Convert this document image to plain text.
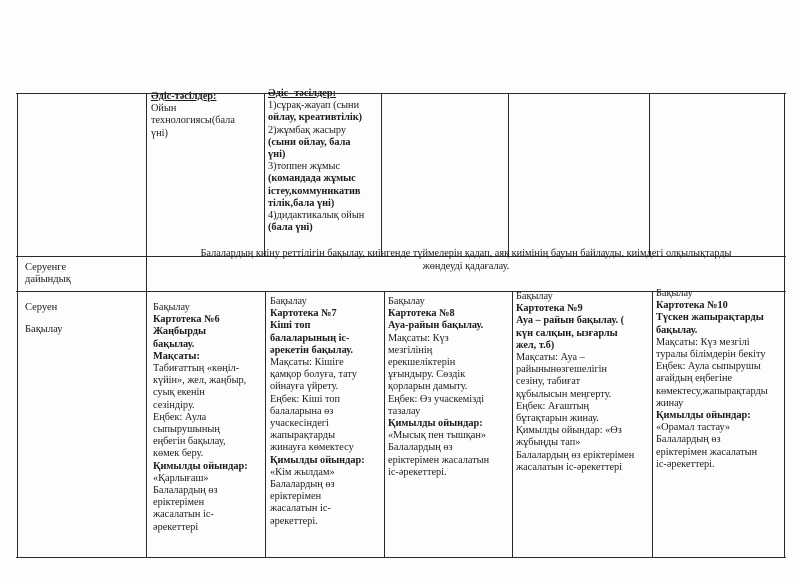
Әдіс-тәсілдер:

Ойын

технологиясы(бала

үні)

Әдіс- тәсілдер:

1)сұрақ-жауап (сыни

ойлау, креативтілік)

2)жұмбақ жасыру

(сыни ойлау, бала

үні)

3)топпен жұмыс

(командада жұмыс

істеу,коммуникатив

тілік,бала үні)

4)дидактикалық ойын

(бала үні)

Серуенге

дайындық

Балалардың киіну реттілігін бақылау, киінгенде түймелерін қадап, аяқ киімінің бауын байлауды, киімдегі олқылықтарды

жөндеуді қадағалау.

Серуен

Бақылау

Бақылау

Картотека №6

Жаңбырды

бақылау.

Мақсаты:

Табиғаттың «көңіл-

күйін», жел, жаңбыр,

суық екенін

сезіндіру.

Еңбек: Аула

сыпырушының

еңбегін бақылау,

көмек беру.

Қимылды ойындар:

«Қарлығаш»

Балалардың өз

еріктерімен

жасалатын іс-

әрекеттері

Бақылау

Картотека №7

Кіші топ

балаларының іс-

әрекетін бақылау.

Мақсаты: Кішіге

қамқор болуға, тату

ойнауға үйрету.

Еңбек: Кіші топ

балаларына өз

учаскесіндегі

жапырақтарды

жинауға көмектесу

Қимылды ойындар:

«Кім жылдам»

Балалардың өз

еріктерімен

жасалатын іс-

әрекеттері.

Бақылау

Картотека №8

Ауа-райын бақылау.

Мақсаты: Күз

мезгілінің

ерекшеліктерін

ұғындыру. Сөздік

қорларын дамыту.

Еңбек: Өз учаскемізді

тазалау

Қимылды ойындар:

«Мысық пен тышқан»

Балалардың өз

еріктерімен жасалатын

іс-әрекеттері.

Бақылау

Картотека №9

Ауа – райын бақылау. (

күн салқын, ызғарлы

жел, т.б)

Мақсаты: Ауа –

райынынөзгешелігін

сезіну, табиғат

құбылысын меңгерту.

Еңбек: Ағаштың

бұтақтарын жинау.

Қимылды ойындар: «Өз

жұбыңды тап»

Балалардың өз еріктерімен

жасалатын іс-әрекеттері

Бақылау

Картотека №10

Түскен жапырақтарды

бақылау.

Мақсаты: Күз мезгілі

туралы білімдерін бекіту

Еңбек: Аула сыпырушы

ағайдың еңбегіне

көмектесу,жапырақтарды

жинау

Қимылды ойындар:

«Орамал тастау»

Балалардың өз

еріктерімен жасалатын

іс-әрекеттері.
